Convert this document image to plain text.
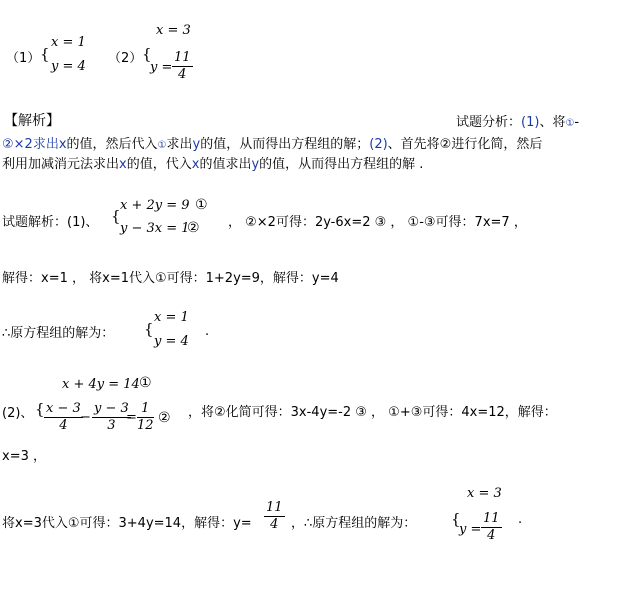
（1） {
x = 1
y = 4
（2） {
x = 3
$y = \frac{11}{4}$
【解析】	试题分析：(1)、将①-
②×2求出x的值，然后代入①求出y的值，从而得出方程组的解；(2)、首先将②进行化简，然后
利用加减消元法求出x的值，代入x的值求出y的值，从而得出方程组的解 .
试题解析：(1)、 {
x + 2y = 9 ①
y − 3x = 1
② ， ②×2可得：2y-6x=2 ③ ， ①-③可得：7x=7 ，
解得：x=1 ， 将x=1代入①可得：1+2y=9，解得：y=4
∴原方程组的解为： {
x = 1
y = 4
.
(2)、 {
x + 4y = 14 ①
$\frac{x - 3}{4}$
− $\frac{y - 3}{3}$
= $\frac{1}{12}$ ② ，将②化简可得：3x-4y=-2 ③ ， ①+③可得：4x=12，解得：
x=3 ，
将x=3代入①可得：3+4y=14，解得：$y= \frac{11}{4}$ ，∴原方程组的解为： {
x = 3
$y = \frac{11}{4}$ .
